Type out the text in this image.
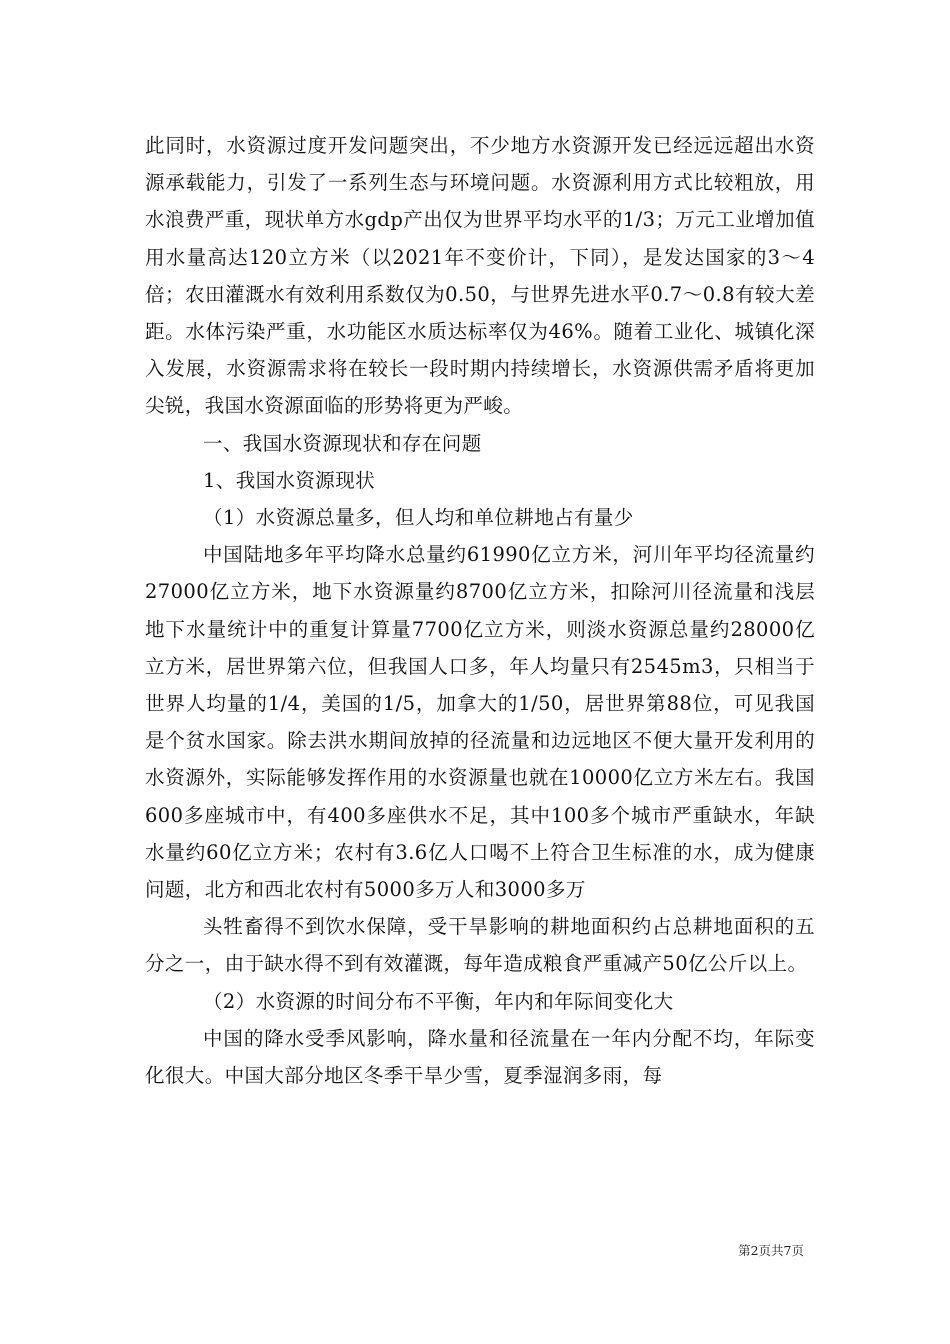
此同时，水资源过度开发问题突出，不少地方水资源开发已经远远超出水资源承载能力，引发了一系列生态与环境问题。水资源利用方式比较粗放，用水浪费严重，现状单方水gdp产出仅为世界平均水平的1/3；万元工业增加值用水量高达120立方米（以2021年不变价计，下同），是发达国家的3～4倍；农田灌溉水有效利用系数仅为0.50，与世界先进水平0.7～0.8有较大差距。水体污染严重，水功能区水质达标率仅为46%。随着工业化、城镇化深入发展，水资源需求将在较长一段时期内持续增长，水资源供需矛盾将更加尖锐，我国水资源面临的形势将更为严峻。

一、我国水资源现状和存在问题

1、我国水资源现状

（1）水资源总量多，但人均和单位耕地占有量少

中国陆地多年平均降水总量约61990亿立方米，河川年平均径流量约27000亿立方米，地下水资源量约8700亿立方米，扣除河川径流量和浅层地下水量统计中的重复计算量7700亿立方米，则淡水资源总量约28000亿立方米，居世界第六位，但我国人口多，年人均量只有2545m3，只相当于世界人均量的1/4，美国的1/5，加拿大的1/50，居世界第88位，可见我国是个贫水国家。除去洪水期间放掉的径流量和边远地区不便大量开发利用的水资源外，实际能够发挥作用的水资源量也就在10000亿立方米左右。我国600多座城市中，有400多座供水不足，其中100多个城市严重缺水，年缺水量约60亿立方米；农村有3.6亿人口喝不上符合卫生标准的水，成为健康问题，北方和西北农村有5000多万人和3000多万

头牲畜得不到饮水保障，受干旱影响的耕地面积约占总耕地面积的五分之一，由于缺水得不到有效灌溉，每年造成粮食严重减产50亿公斤以上。

（2）水资源的时间分布不平衡，年内和年际间变化大

中国的降水受季风影响，降水量和径流量在一年内分配不均，年际变化很大。中国大部分地区冬季干旱少雪，夏季湿润多雨，每

第2页共7页
